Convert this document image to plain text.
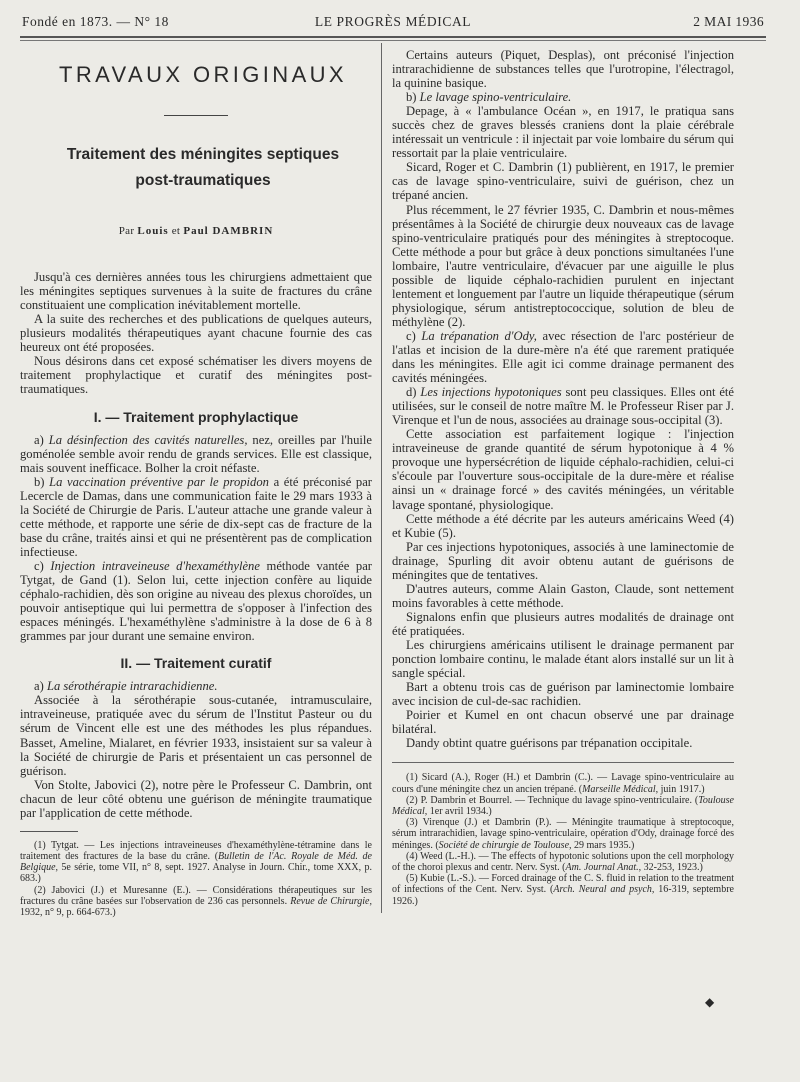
Fondé en 1873. — N° 18	LE PROGRÈS MÉDICAL	2 MAI 1936

TRAVAUX ORIGINAUX

Traitement des méningites septiques

post-traumatiques

Par Louis et Paul DAMBRIN

Jusqu'à ces dernières années tous les chirurgiens admettaient que les méningites septiques survenues à la suite de fractures du crâne constituaient une complication inévitablement mortelle.

A la suite des recherches et des publications de quelques auteurs, plusieurs modalités thérapeutiques ayant chacune fournie des cas heureux ont été proposées.

Nous désirons dans cet exposé schématiser les divers moyens de traitement prophylactique et curatif des méningites post-traumatiques.

I. — Traitement prophylactique

a) La désinfection des cavités naturelles, nez, oreilles par l'huile goménolée semble avoir rendu de grands services. Elle est classique, mais souvent inefficace. Bolher la croit néfaste.

b) La vaccination préventive par le propidon a été préconisé par Lecercle de Damas, dans une communication faite le 29 mars 1933 à la Société de Chirurgie de Paris. L'auteur attache une grande valeur à cette méthode, et rapporte une série de dix-sept cas de fracture de la base du crâne, traités ainsi et qui ne présentèrent pas de complication infectieuse.

c) Injection intraveineuse d'hexaméthylène méthode vantée par Tytgat, de Gand (1). Selon lui, cette injection confère au liquide céphalo-rachidien, dès son origine au niveau des plexus choroïdes, un pouvoir antiseptique qui lui permettra de s'opposer à l'infection des espaces méningés. L'hexaméthylène s'administre à la dose de 6 à 8 grammes par jour durant une semaine environ.

II. — Traitement curatif

a) La sérothérapie intrarachidienne.

Associée à la sérothérapie sous-cutanée, intramusculaire, intraveineuse, pratiquée avec du sérum de l'Institut Pasteur ou du sérum de Vincent elle est une des méthodes les plus répandues. Basset, Ameline, Mialaret, en février 1933, insistaient sur sa valeur à la Société de chirurgie de Paris et présentaient un cas personnel de guérison.

Von Stolte, Jabovici (2), notre père le Professeur C. Dambrin, ont chacun de leur côté obtenu une guérison de méningite traumatique par l'application de cette méthode.

(1) Tytgat. — Les injections intraveineuses d'hexaméthylène-tétramine dans le traitement des fractures de la base du crâne. (Bulletin de l'Ac. Royale de Méd. de Belgique, 5e série, tome VII, n° 8, sept. 1927. Analyse in Journ. Chir., tome XXX, p. 683.)

(2) Jabovici (J.) et Muresanne (E.). — Considérations thérapeutiques sur les fractures du crâne basées sur l'observation de 236 cas personnels. Revue de Chirurgie, 1932, n° 9, p. 664-673.)

Certains auteurs (Piquet, Desplas), ont préconisé l'injection intrarachidienne de substances telles que l'urotropine, l'électragol, la quinine basique.

b) Le lavage spino-ventriculaire.

Depage, à « l'ambulance Océan », en 1917, le pratiqua sans succès chez de graves blessés craniens dont la plaie cérébrale intéressait un ventricule : il injectait par voie lombaire du sérum qui ressortait par la plaie ventriculaire.

Sicard, Roger et C. Dambrin (1) publièrent, en 1917, le premier cas de lavage spino-ventriculaire, suivi de guérison, chez un trépané ancien.

Plus récemment, le 27 février 1935, C. Dambrin et nous-mêmes présentâmes à la Société de chirurgie deux nouveaux cas de lavage spino-ventriculaire pratiqués pour des méningites à streptocoque. Cette méthode a pour but grâce à deux ponctions simultanées l'une lombaire, l'autre ventriculaire, d'évacuer par une aiguille le plus possible de liquide céphalo-rachidien purulent en injectant lentement et longuement par l'autre un liquide thérapeutique (sérum physiologique, sérum antistreptococcique, solution de bleu de méthylène (2).

c) La trépanation d'Ody, avec résection de l'arc postérieur de l'atlas et incision de la dure-mère n'a été que rarement pratiquée dans les méningites. Elle agit ici comme drainage permanent des cavités méningées.

d) Les injections hypotoniques sont peu classiques. Elles ont été utilisées, sur le conseil de notre maître M. le Professeur Riser par J. Virenque et l'un de nous, associées au drainage sous-occipital (3).

Cette association est parfaitement logique : l'injection intraveineuse de grande quantité de sérum hypotonique à 4 % provoque une hypersécrétion de liquide céphalo-rachidien, celui-ci s'écoule par l'ouverture sous-occipitale de la dure-mère et réalise ainsi un « drainage forcé » des cavités méningées, un véritable lavage spontané, physiologique.

Cette méthode a été décrite par les auteurs américains Weed (4) et Kubie (5).

Par ces injections hypotoniques, associés à une laminectomie de drainage, Spurling dit avoir obtenu autant de guérisons de méningites que de tentatives.

D'autres auteurs, comme Alain Gaston, Claude, sont nettement moins favorables à cette méthode.

Signalons enfin que plusieurs autres modalités de drainage ont été pratiquées.

Les chirurgiens américains utilisent le drainage permanent par ponction lombaire continu, le malade étant alors installé sur un lit à sangle spécial.

Bart a obtenu trois cas de guérison par laminectomie lombaire avec incision de cul-de-sac rachidien.

Poirier et Kumel en ont chacun observé une par drainage bilatéral.

Dandy obtint quatre guérisons par trépanation occipitale.

(1) Sicard (A.), Roger (H.) et Dambrin (C.). — Lavage spino-ventriculaire au cours d'une méningite chez un ancien trépané. (Marseille Médical, juin 1917.)

(2) P. Dambrin et Bourrel. — Technique du lavage spino-ventriculaire. (Toulouse Médical, 1er avril 1934.)

(3) Virenque (J.) et Dambrin (P.). — Méningite traumatique à streptocoque, sérum intrarachidien, lavage spino-ventriculaire, opération d'Ody, drainage forcé des méninges. (Société de chirurgie de Toulouse, 29 mars 1935.)

(4) Weed (L.-H.). — The effects of hypotonic solutions upon the cell morphology of the choroi plexus and centr. Nerv. Syst. (Am. Journal Anat., 32-253, 1923.)

(5) Kubie (L.-S.). — Forced drainage of the C. S. fluid in relation to the treatment of infections of the Cent. Nerv. Syst. (Arch. Neural and psych, 16-319, septembre 1926.)

◆
